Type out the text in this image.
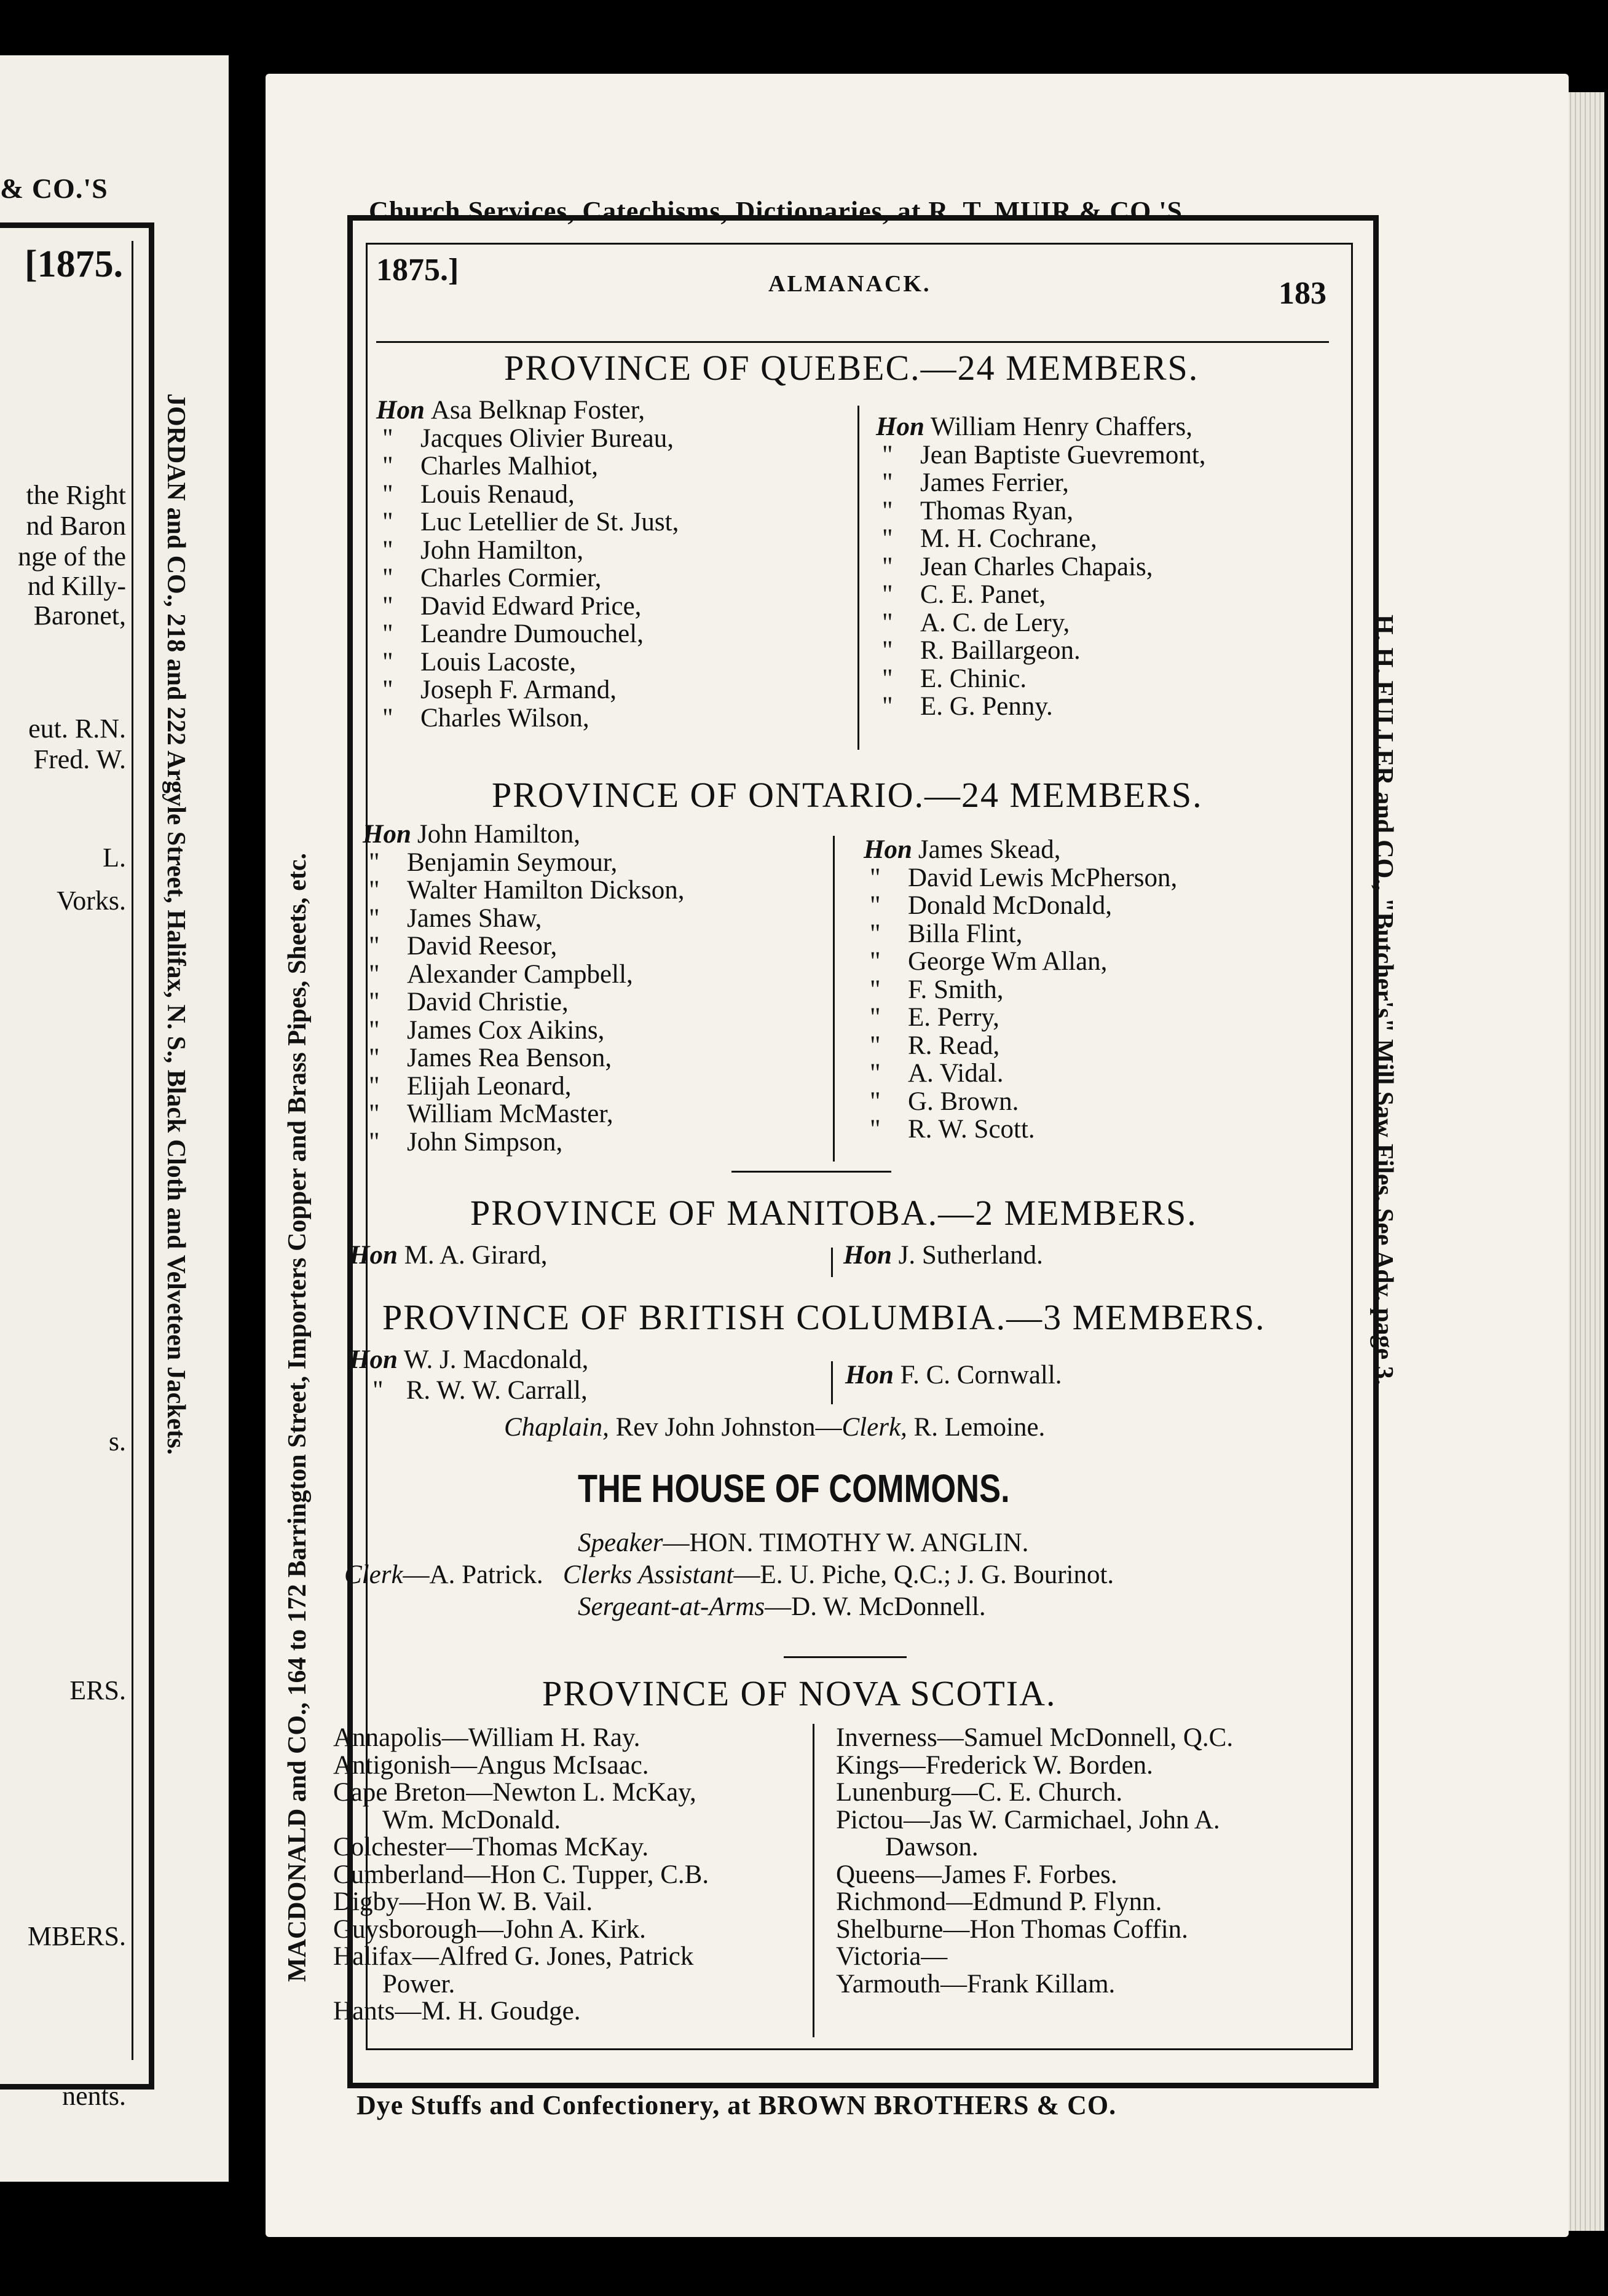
& CO.'S
[1875.
the Right
nd Baron
nge of the
nd Killy-
Baronet,
eut. R.N.
Fred. W.
L.
Vorks.
s.
ERS.
MBERS.
nents.
JORDAN and CO., 218 and 222 Argyle Street, Halifax, N. S., Black Cloth and Velveteen Jackets.
Church Services, Catechisms, Dictionaries, at R. T. MUIR & CO.'S
Dye Stuffs and Confectionery, at BROWN BROTHERS & CO.
MACDONALD and CO., 164 to 172 Barrington Street, Importers Copper and Brass Pipes, Sheets, etc.	H. H. FULLER and CO., "Butcher's" Mill Saw Files. See Adv. page 3.
1875.]	ALMANACK.	183
PROVINCE OF QUEBEC.—24 MEMBERS.
Hon Asa Belknap Foster,
" Jacques Olivier Bureau,
" Charles Malhiot,
" Louis Renaud,
" Luc Letellier de St. Just,
" John Hamilton,
" Charles Cormier,
" David Edward Price,
" Leandre Dumouchel,
" Louis Lacoste,
" Joseph F. Armand,
" Charles Wilson,
Hon William Henry Chaffers,
" Jean Baptiste Guevremont,
" James Ferrier,
" Thomas Ryan,
" M. H. Cochrane,
" Jean Charles Chapais,
" C. E. Panet,
" A. C. de Lery,
" R. Baillargeon.
" E. Chinic.
" E. G. Penny.
PROVINCE OF ONTARIO.—24 MEMBERS.
Hon John Hamilton,
" Benjamin Seymour,
" Walter Hamilton Dickson,
" James Shaw,
" David Reesor,
" Alexander Campbell,
" David Christie,
" James Cox Aikins,
" James Rea Benson,
" Elijah Leonard,
" William McMaster,
" John Simpson,
Hon James Skead,
" David Lewis McPherson,
" Donald McDonald,
" Billa Flint,
" George Wm Allan,
" F. Smith,
" E. Perry,
" R. Read,
" A. Vidal.
" G. Brown.
" R. W. Scott.
PROVINCE OF MANITOBA.—2 MEMBERS.
Hon M. A. Girard,	Hon J. Sutherland.
PROVINCE OF BRITISH COLUMBIA.—3 MEMBERS.
Hon W. J. Macdonald,
" R. W. W. Carrall,
Hon F. C. Cornwall.
Chaplain, Rev John Johnston—Clerk, R. Lemoine.
THE HOUSE OF COMMONS.
Speaker—HON. TIMOTHY W. ANGLIN.
Clerk—A. Patrick. Clerks Assistant—E. U. Piche, Q.C.; J. G. Bourinot.
Sergeant-at-Arms—D. W. McDonnell.
PROVINCE OF NOVA SCOTIA.
Annapolis—William H. Ray.
Antigonish—Angus McIsaac.
Cape Breton—Newton L. McKay,
Wm. McDonald.
Colchester—Thomas McKay.
Cumberland—Hon C. Tupper, C.B.
Digby—Hon W. B. Vail.
Guysborough—John A. Kirk.
Halifax—Alfred G. Jones, Patrick
Power.
Hants—M. H. Goudge.
Inverness—Samuel McDonnell, Q.C.
Kings—Frederick W. Borden.
Lunenburg—C. E. Church.
Pictou—Jas W. Carmichael, John A.
Dawson.
Queens—James F. Forbes.
Richmond—Edmund P. Flynn.
Shelburne—Hon Thomas Coffin.
Victoria—
Yarmouth—Frank Killam.
